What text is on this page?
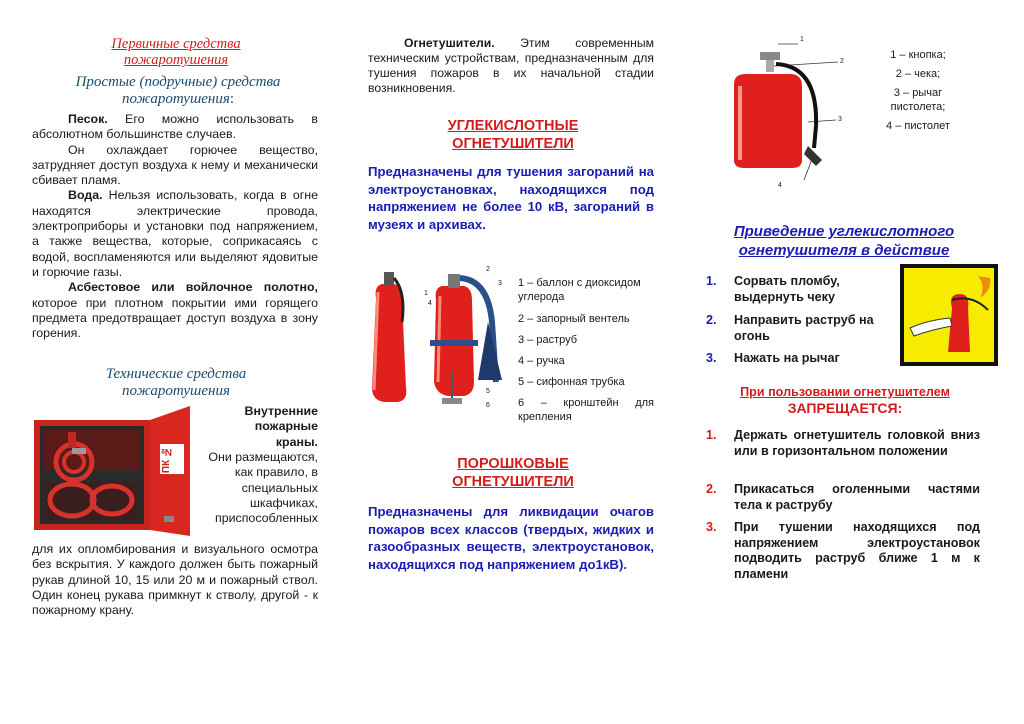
Первичные средства пожаротушения
Простые (подручные) средства пожаротушения:

Песок. Его можно использовать в абсолютном большинстве случаев.

Он охлаждает горючее вещество, затрудняет доступ воздуха к нему и механически сбивает пламя.

Вода. Нельзя использовать, когда в огне находятся электрические провода, электроприборы и установки под напряжением, а также вещества, которые, соприкасаясь с водой, воспламеняются или выделяют ядовитые и горючие газы.

Асбестовое или войлочное полотно, которое при плотном покрытии ими горящего предмета предотвращает доступ воздуха в зону горения.

Технические средства пожаротушения
ПК №
Внутренние пожарные краны.
Они размещаются, как правило, в специальных шкафчиках, приспособленных

для их опломбирования и визуального осмотра без вскрытия. У каждого должен быть пожарный рукав длиной 10, 15 или 20 м и пожарный ствол. Один конец рукава примкнут к стволу, другой - к пожарному крану.

Огнетушители. Этим современным техническим устройствам, предназначенным для тушения пожаров в их начальной стадии возникновения.

УГЛЕКИСЛОТНЫЕ
ОГНЕТУШИТЕЛИ

Предназначены для тушения загораний на электроустановках, находящихся под напряжением не более 10 кВ, загораний в музеях и архивах.

1
2
3
4
5
6
1 – баллон с диоксидом углерода
2 – запорный вентель
3 – раструб
4 – ручка
5 – сифонная трубка
6 – кронштейн для крепления
ПОРОШКОВЫЕ
ОГНЕТУШИТЕЛИ

Предназначены для ликвидации очагов пожаров всех классов (твердых, жидких и газообразных веществ, электроустановок, находящихся под напряжением до1кВ).

1
2
3
4
1 – кнопка;
2 – чека;
3 – рычаг пистолета;
4 – пистолет
Приведение углекислотного огнетушителя в действие
1.	Сорвать пломбу, выдернуть чеку
2.	Направить раструб на огонь
3.	Нажать на рычаг
При пользовании огнетушителем
ЗАПРЕЩАЕТСЯ:
1.	Держать огнетушитель головкой вниз или в горизонтальном положении
2.	Прикасаться оголенными частями тела к раструбу
3.	При тушении находящихся под напряжением электроустановок подводить раструб ближе 1 м к пламени
